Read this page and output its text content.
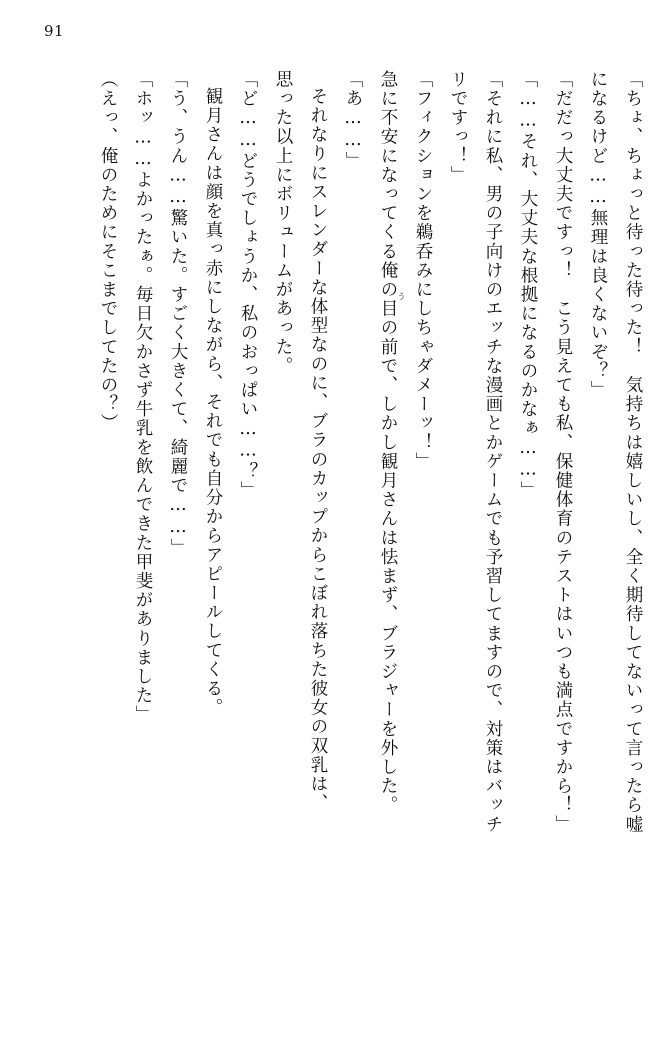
91
「ちょ、ちょっと待った待った！　気持ちは嬉しいし、全く期待してないって言ったら嘘
になるけど……無理は良くないぞ？」
「だだっ大丈夫ですっ！　こう見えても私、保健体育のテストはいつも満点ですから！」
「……それ、大丈夫な根拠になるのかなぁ……」
「それに私、男の子向けのエッチな漫画とかゲームでも予習してますので、対策はバッチ
リですっ！」
「フィクションを鵜呑みにしちゃダメーッ！」
急に不安になってくる俺の目の前で、しかし観月さんは怯まず、ブラジャーを外した。
「あ……」
それなりにスレンダーな体型なのに、ブラのカップからこぼれ落ちた彼女の双乳は、
思った以上にボリュームがあった。
「ど……どうでしょうか、私のおっぱい……？」
観月さんは顔を真っ赤にしながら、それでも自分からアピールしてくる。
「う、うん……驚いた。すごく大きくて、綺麗で……」
「ホッ……よかったぁ。毎日欠かさず牛乳を飲んできた甲斐がありました」
（えっ、俺のためにそこまでしてたの？）	う
